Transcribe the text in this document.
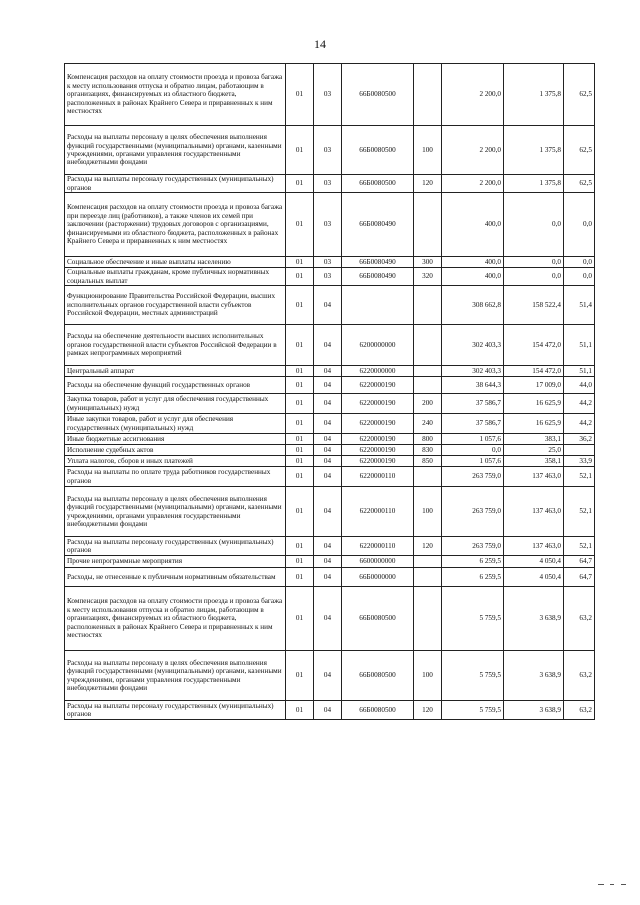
14
Компенсация расходов на оплату стоимости проезда и провоза багажа к месту использования отпуска и обратно лицам, работающим в организациях, финансируемых из областного бюджета, расположенных в районах Крайнего Севера и приравненных к ним местностях	01	03	66Б0080500		2 200,0	1 375,8	62,5
Расходы на выплаты персоналу в целях обеспечения выполнения функций государственными (муниципальными) органами, казенными учреждениями, органами управления государственными внебюджетными фондами	01	03	66Б0080500	100	2 200,0	1 375,8	62,5
Расходы на выплаты персоналу государственных (муниципальных) органов	01	03	66Б0080500	120	2 200,0	1 375,8	62,5
Компенсация расходов на оплату стоимости проезда и провоза багажа при переезде лиц (работников), а также членов их семей при заключении (расторжении) трудовых договоров с организациями, финансируемыми из областного бюджета, расположенных в районах Крайнего Севера и приравненных к ним местностях	01	03	66Б0080490		400,0	0,0	0,0
Социальное обеспечение и иные выплаты населению	01	03	66Б0080490	300	400,0	0,0	0,0
Социальные выплаты гражданам, кроме публичных нормативных социальных выплат	01	03	66Б0080490	320	400,0	0,0	0,0
Функционирование Правительства Российской Федерации, высших исполнительных органов государственной власти субъектов Российской Федерации, местных администраций	01	04			308 662,8	158 522,4	51,4
Расходы на обеспечение деятельности высших исполнительных органов государственной власти субъектов Российской Федерации в рамках непрограммных мероприятий	01	04	6200000000		302 403,3	154 472,0	51,1
Центральный аппарат	01	04	6220000000		302 403,3	154 472,0	51,1
Расходы на обеспечение функций государственных органов	01	04	6220000190		38 644,3	17 009,0	44,0
Закупка товаров, работ и услуг для обеспечения государственных (муниципальных) нужд	01	04	6220000190	200	37 586,7	16 625,9	44,2
Иные закупки товаров, работ и услуг для обеспечения государственных (муниципальных) нужд	01	04	6220000190	240	37 586,7	16 625,9	44,2
Иные бюджетные ассигнования	01	04	6220000190	800	1 057,6	383,1	36,2
Исполнение судебных актов	01	04	6220000190	830	0,0	25,0	
Уплата налогов, сборов и иных платежей	01	04	6220000190	850	1 057,6	358,1	33,9
Расходы на выплаты по оплате труда работников государственных органов	01	04	6220000110		263 759,0	137 463,0	52,1
Расходы на выплаты персоналу в целях обеспечения выполнения функций государственными (муниципальными) органами, казенными учреждениями, органами управления государственными внебюджетными фондами	01	04	6220000110	100	263 759,0	137 463,0	52,1
Расходы на выплаты персоналу государственных (муниципальных) органов	01	04	6220000110	120	263 759,0	137 463,0	52,1
Прочие непрограммные мероприятия	01	04	6600000000		6 259,5	4 050,4	64,7
Расходы, не отнесенные к публичным нормативным обязательствам	01	04	66Б0000000		6 259,5	4 050,4	64,7
Компенсация расходов на оплату стоимости проезда и провоза багажа к месту использования отпуска и обратно лицам, работающим в организациях, финансируемых из областного бюджета, расположенных в районах Крайнего Севера и приравненных к ним местностях	01	04	66Б0080500		5 759,5	3 638,9	63,2
Расходы на выплаты персоналу в целях обеспечения выполнения функций государственными (муниципальными) органами, казенными учреждениями, органами управления государственными внебюджетными фондами	01	04	66Б0080500	100	5 759,5	3 638,9	63,2
Расходы на выплаты персоналу государственных (муниципальных) органов	01	04	66Б0080500	120	5 759,5	3 638,9	63,2
